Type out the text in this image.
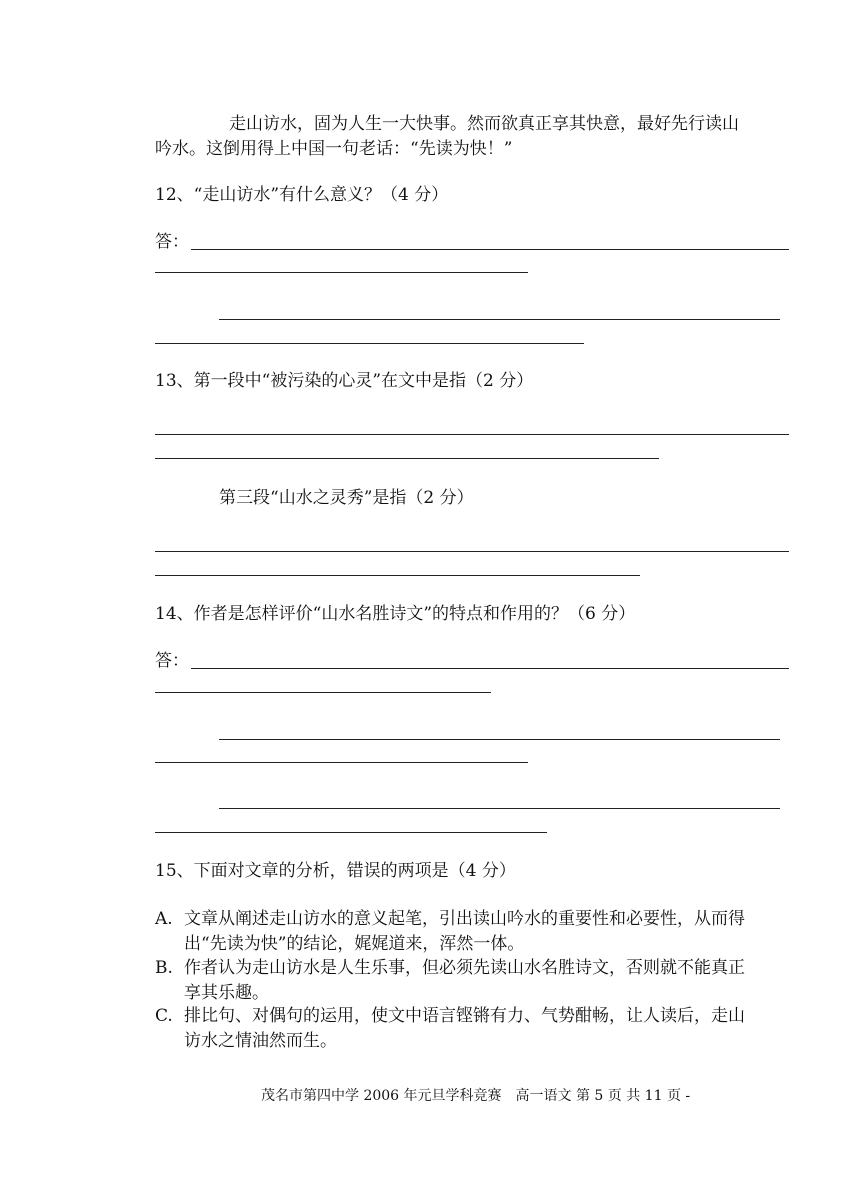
走山访水，固为人生一大快事。然而欲真正享其快意，最好先行读山
吟水。这倒用得上中国一句老话：“先读为快！”
12、“走山访水”有什么意义？（4 分）
答：
13、第一段中“被污染的心灵”在文中是指（2 分）
第三段“山水之灵秀”是指（2 分）
14、作者是怎样评价“山水名胜诗文”的特点和作用的？（6 分）
答：
15、下面对文章的分析，错误的两项是（4 分）
A. 文章从阐述走山访水的意义起笔，引出读山吟水的重要性和必要性，从而得
出“先读为快”的结论，娓娓道来，浑然一体。
B. 作者认为走山访水是人生乐事，但必须先读山水名胜诗文，否则就不能真正
享其乐趣。
C. 排比句、对偶句的运用，使文中语言铿锵有力、气势酣畅，让人读后，走山
访水之情油然而生。
茂名市第四中学 2006 年元旦学科竞赛　高一语文 第 5 页 共 11 页 -
